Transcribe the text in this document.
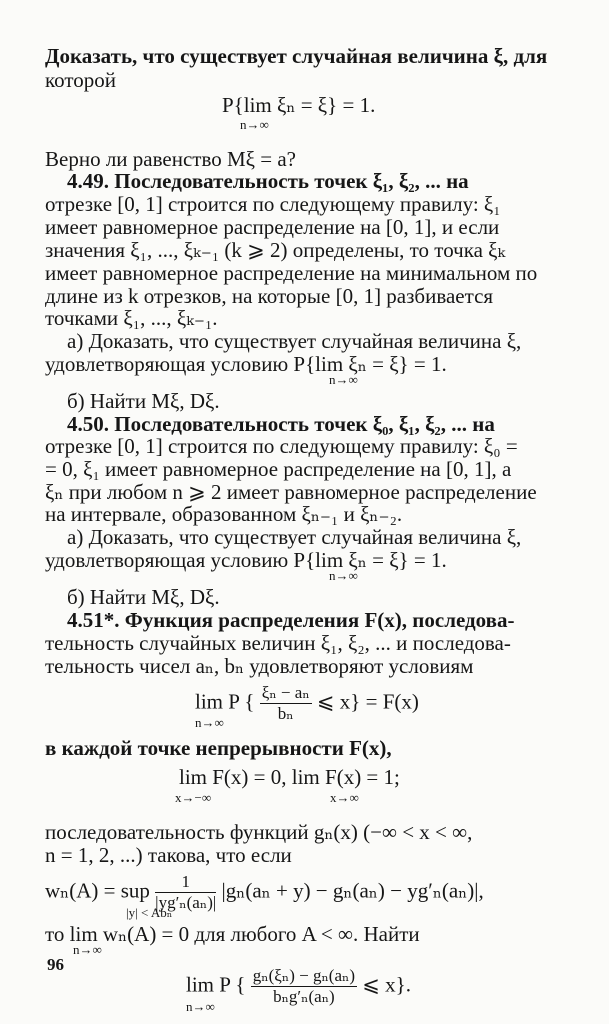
Доказать, что существует случайная величина ξ, для
которой
P{lim ξₙ = ξ} = 1.
n→∞
Верно ли равенство Mξ = a?
4.49. Последовательность точек ξ₁, ξ₂, ... на
отрезке [0, 1] строится по следующему правилу: ξ₁
имеет равномерное распределение на [0, 1], и если
значения ξ₁, ..., ξₖ₋₁ (k ⩾ 2) определены, то точка ξₖ
имеет равномерное распределение на минимальном по
длине из k отрезков, на которые [0, 1] разбивается
точками ξ₁, ..., ξₖ₋₁.
а) Доказать, что существует случайная величина ξ,
удовлетворяющая условию P{lim ξₙ = ξ} = 1.
n→∞
б) Найти Mξ, Dξ.
4.50. Последовательность точек ξ₀, ξ₁, ξ₂, ... на
отрезке [0, 1] строится по следующему правилу: ξ₀ =
= 0, ξ₁ имеет равномерное распределение на [0, 1], а
ξₙ при любом n ⩾ 2 имеет равномерное распределение
на интервале, образованном ξₙ₋₁ и ξₙ₋₂.
а) Доказать, что существует случайная величина ξ,
удовлетворяющая условию P{lim ξₙ = ξ} = 1.
n→∞
б) Найти Mξ, Dξ.
4.51*. Функция распределения F(x), последова-
тельность случайных величин ξ₁, ξ₂, ... и последова-
тельность чисел aₙ, bₙ удовлетворяют условиям
lim P { $\frac{\text{ξₙ − aₙ}}{\text{bₙ}}$ ⩽ x} = F(x)
n→∞
в каждой точке непрерывности F(x),
lim F(x) = 0, lim F(x) = 1;
x→−∞	x→∞
последовательность функций gₙ(x) (−∞ < x < ∞,
n = 1, 2, ...) такова, что если
wₙ(A) = sup $\frac{1}{\text{|yg′ₙ(aₙ)|}} |g_n(a_n + y) - g_n(a_n) - yg'_n(a_n)|$,
|y| < Abₙ
то lim wₙ(A) = 0 для любого A < ∞. Найти
n→∞
lim P { $\frac{\text{gₙ(ξₙ) − gₙ(aₙ)}}{\text{bₙg′ₙ(aₙ)}}$ ⩽ x}.
n→∞
96
